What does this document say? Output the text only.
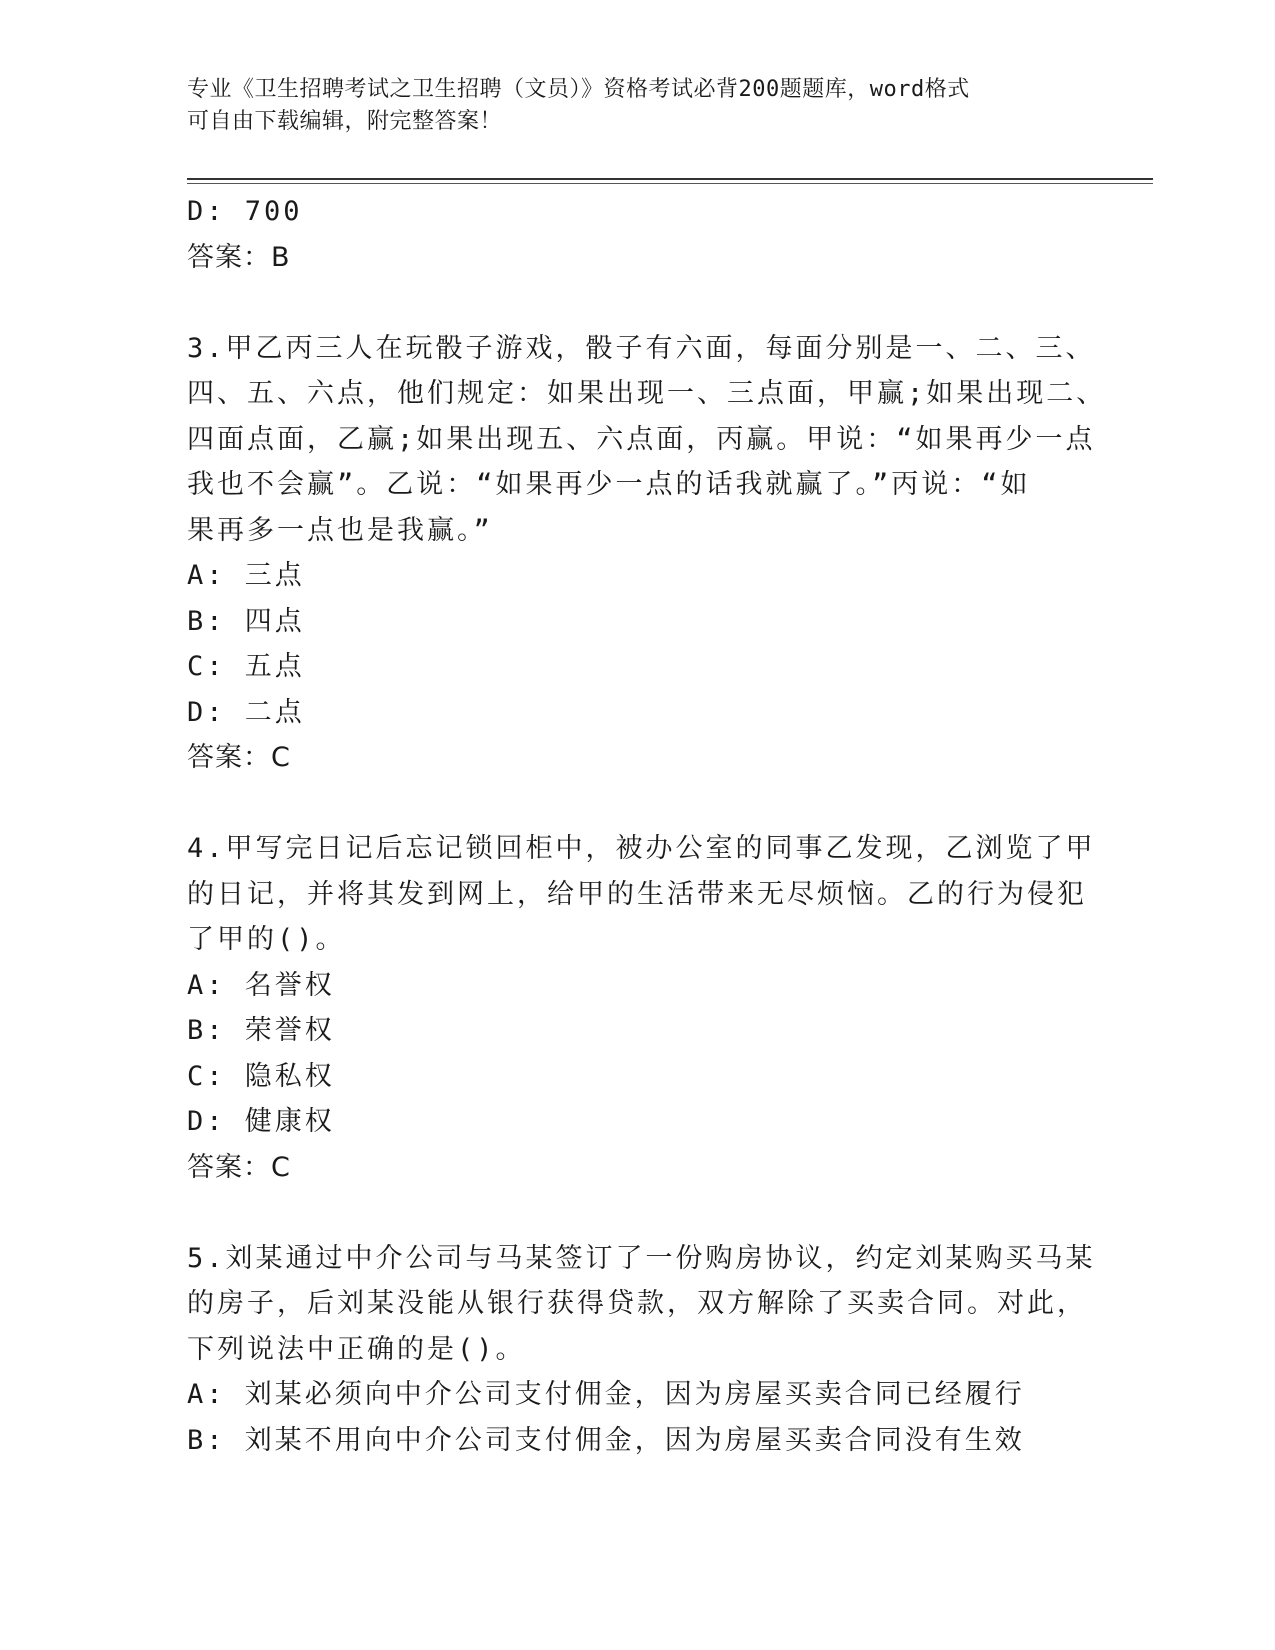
专业《卫生招聘考试之卫生招聘（文员）》资格考试必背200题题库，word格式
可自由下载编辑，附完整答案！
D: 700
答案：B
3.甲乙丙三人在玩骰子游戏，骰子有六面，每面分别是一、二、三、
四、五、六点，他们规定：如果出现一、三点面，甲赢;如果出现二、
四面点面，乙赢;如果出现五、六点面，丙赢。甲说：“如果再少一点
我也不会赢”。乙说：“如果再少一点的话我就赢了。”丙说：“如
果再多一点也是我赢。”
A: 三点
B: 四点
C: 五点
D: 二点
答案：C
4.甲写完日记后忘记锁回柜中，被办公室的同事乙发现，乙浏览了甲
的日记，并将其发到网上，给甲的生活带来无尽烦恼。乙的行为侵犯
了甲的()。
A: 名誉权
B: 荣誉权
C: 隐私权
D: 健康权
答案：C
5.刘某通过中介公司与马某签订了一份购房协议，约定刘某购买马某
的房子，后刘某没能从银行获得贷款，双方解除了买卖合同。对此，
下列说法中正确的是()。
A: 刘某必须向中介公司支付佣金，因为房屋买卖合同已经履行
B: 刘某不用向中介公司支付佣金，因为房屋买卖合同没有生效
